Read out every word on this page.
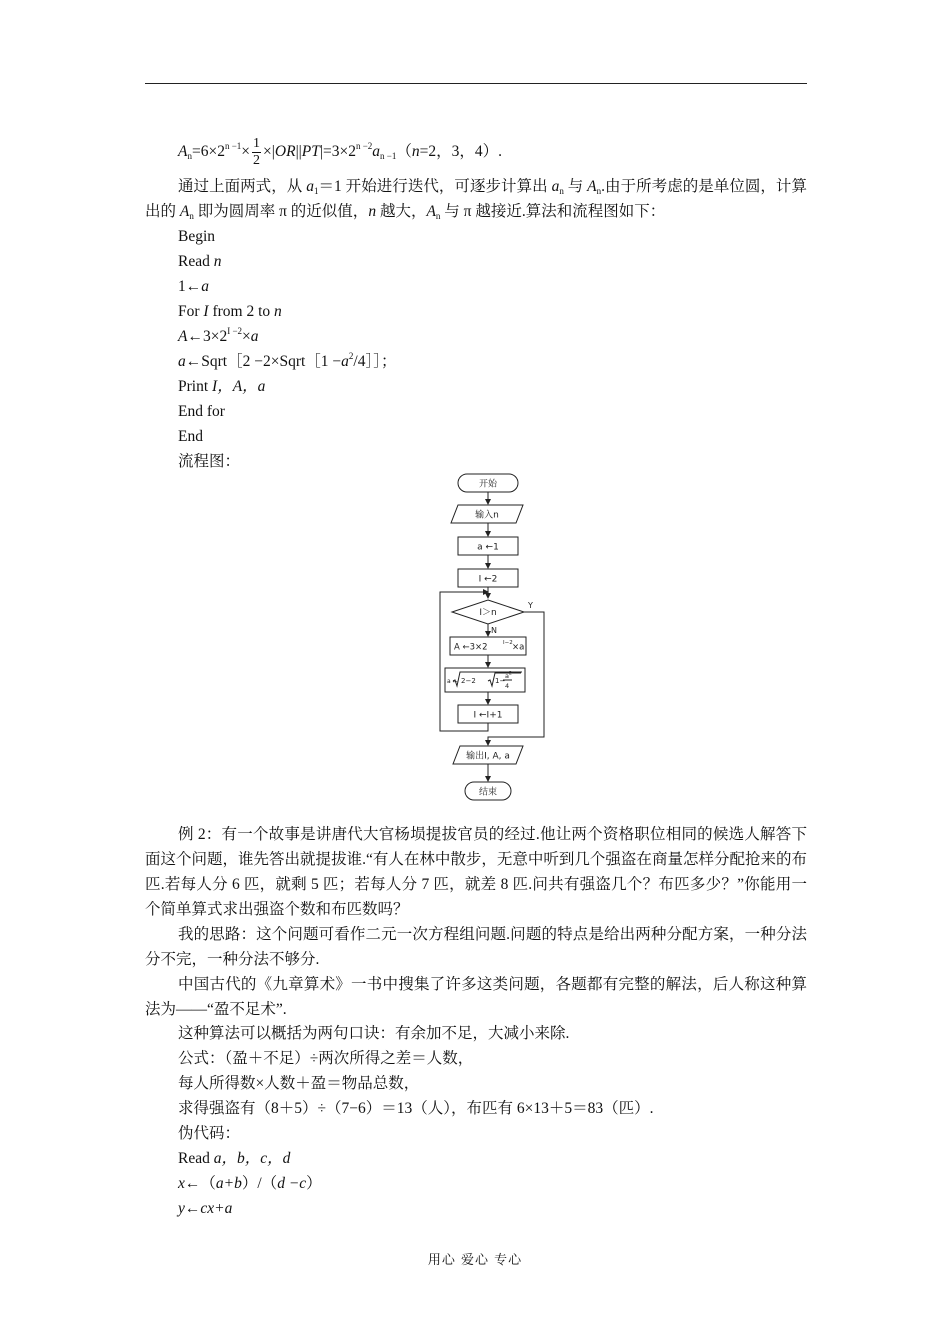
$A_n=6\times 2^{n -1}\times \frac{1}{2} \times|OR||PT|=3\times 2^{n -2}a_{n -1}(n=2$，3，4）.
通过上面两式，从 $a_1=1$ 开始进行迭代，可逐步计算出 $a_n$ 与 $A_n$.由于所考虑的是单位圆，计算出的 $A_n$ 即为圆周率 π 的近似值，n 越大，$A_n$ 与 π 越接近.算法和流程图如下：
Begin
Read n
1←a
For I from 2 to n
$A\leftarrow 3\times 2^{I -2}\times a$
a←Sqrt［2 −2×Sqrt［1 $-a^2/4]]$；
Print I，A，a
End for
End
流程图：
开始
输入n
a ←1
I ←2
I＞n
Y
N
A ←3×2	I−2 ×a
a ← 2−2	1−
a 2
4
I ←I+1
输出I, A, a
结束
例 2：有一个故事是讲唐代大官杨埙提拔官员的经过.他让两个资格职位相同的候选人解答下面这个问题，谁先答出就提拔谁.“有人在林中散步，无意中听到几个强盗在商量怎样分配抢来的布匹.若每人分 6 匹，就剩 5 匹；若每人分 7 匹，就差 8 匹.问共有强盗几个？布匹多少？”你能用一个简单算式求出强盗个数和布匹数吗？
我的思路：这个问题可看作二元一次方程组问题.问题的特点是给出两种分配方案，一种分法分不完，一种分法不够分.
中国古代的《九章算术》一书中搜集了许多这类问题，各题都有完整的解法，后人称这种算法为——“盈不足术”.
这种算法可以概括为两句口诀：有余加不足，大减小来除.
公式：（盈＋不足）÷两次所得之差＝人数，
每人所得数×人数＋盈＝物品总数，
求得强盗有（8＋5）÷（7−6）＝13（人），布匹有 6×13＋5＝83（匹）.
伪代码：
Read a，b，c，d
x←（a+b）/（d −c）
y←cx+a
用心 爱心 专心
